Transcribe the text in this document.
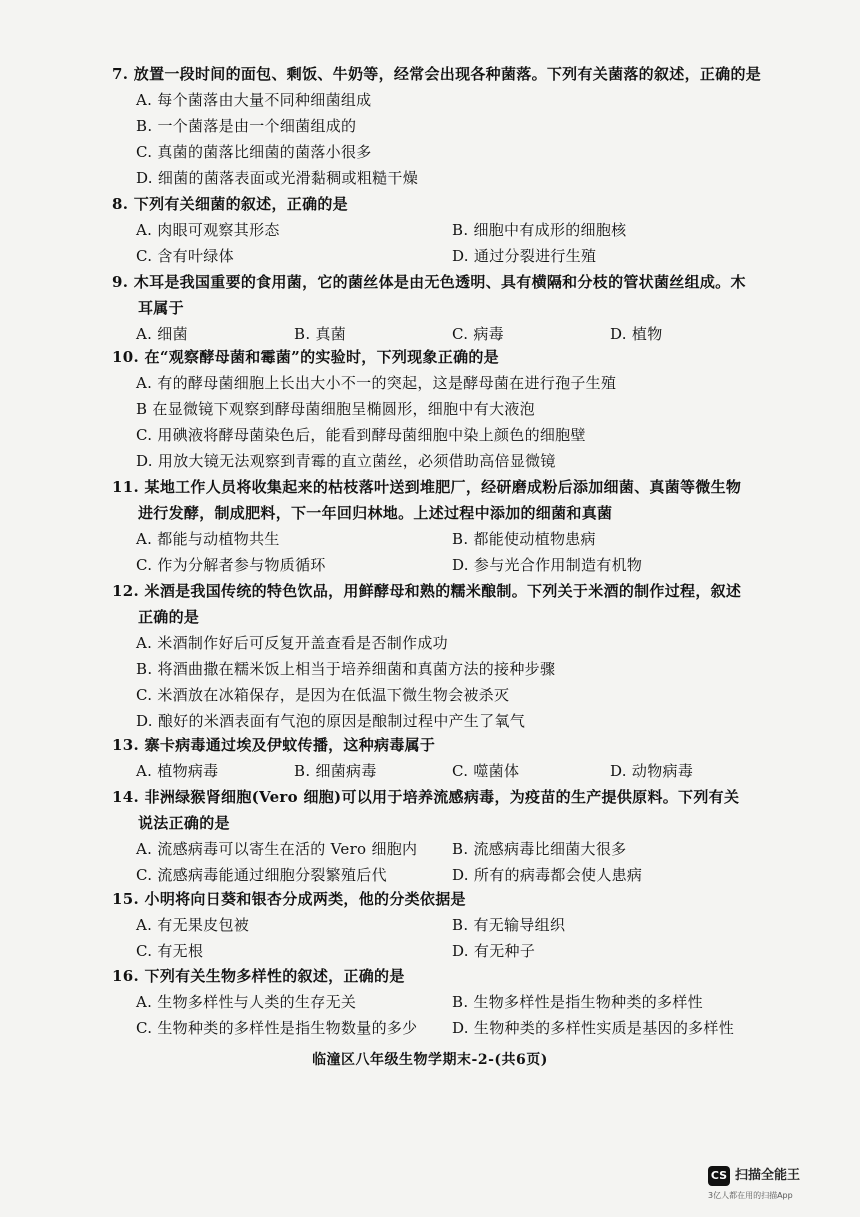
7. 放置一段时间的面包、剩饭、牛奶等，经常会出现各种菌落。下列有关菌落的叙述，正确的是
A. 每个菌落由大量不同种细菌组成
B. 一个菌落是由一个细菌组成的
C. 真菌的菌落比细菌的菌落小很多
D. 细菌的菌落表面或光滑黏稠或粗糙干燥
8. 下列有关细菌的叙述，正确的是
A. 肉眼可观察其形态	B. 细胞中有成形的细胞核
C. 含有叶绿体	D. 通过分裂进行生殖
9. 木耳是我国重要的食用菌，它的菌丝体是由无色透明、具有横隔和分枝的管状菌丝组成。木
耳属于
A. 细菌	B. 真菌	C. 病毒	D. 植物
10. 在“观察酵母菌和霉菌”的实验时，下列现象正确的是
A. 有的酵母菌细胞上长出大小不一的突起，这是酵母菌在进行孢子生殖
B 在显微镜下观察到酵母菌细胞呈椭圆形，细胞中有大液泡
C. 用碘液将酵母菌染色后，能看到酵母菌细胞中染上颜色的细胞壁
D. 用放大镜无法观察到青霉的直立菌丝，必须借助高倍显微镜
11. 某地工作人员将收集起来的枯枝落叶送到堆肥厂，经研磨成粉后添加细菌、真菌等微生物
进行发酵，制成肥料，下一年回归林地。上述过程中添加的细菌和真菌
A. 都能与动植物共生	B. 都能使动植物患病
C. 作为分解者参与物质循环	D. 参与光合作用制造有机物
12. 米酒是我国传统的特色饮品，用鲜酵母和熟的糯米酿制。下列关于米酒的制作过程，叙述
正确的是
A. 米酒制作好后可反复开盖查看是否制作成功
B. 将酒曲撒在糯米饭上相当于培养细菌和真菌方法的接种步骤
C. 米酒放在冰箱保存，是因为在低温下微生物会被杀灭
D. 酿好的米酒表面有气泡的原因是酿制过程中产生了氧气
13. 寨卡病毒通过埃及伊蚊传播，这种病毒属于
A. 植物病毒	B. 细菌病毒	C. 噬菌体	D. 动物病毒
14. 非洲绿猴肾细胞(Vero 细胞)可以用于培养流感病毒，为疫苗的生产提供原料。下列有关
说法正确的是
A. 流感病毒可以寄生在活的 Vero 细胞内	B. 流感病毒比细菌大很多
C. 流感病毒能通过细胞分裂繁殖后代	D. 所有的病毒都会使人患病
15. 小明将向日葵和银杏分成两类，他的分类依据是
A. 有无果皮包被	B. 有无输导组织
C. 有无根	D. 有无种子
16. 下列有关生物多样性的叙述，正确的是
A. 生物多样性与人类的生存无关	B. 生物多样性是指生物种类的多样性
C. 生物种类的多样性是指生物数量的多少	D. 生物种类的多样性实质是基因的多样性
临潼区八年级生物学期末-2-(共6页)
CS 扫描全能王
3亿人都在用的扫描App
